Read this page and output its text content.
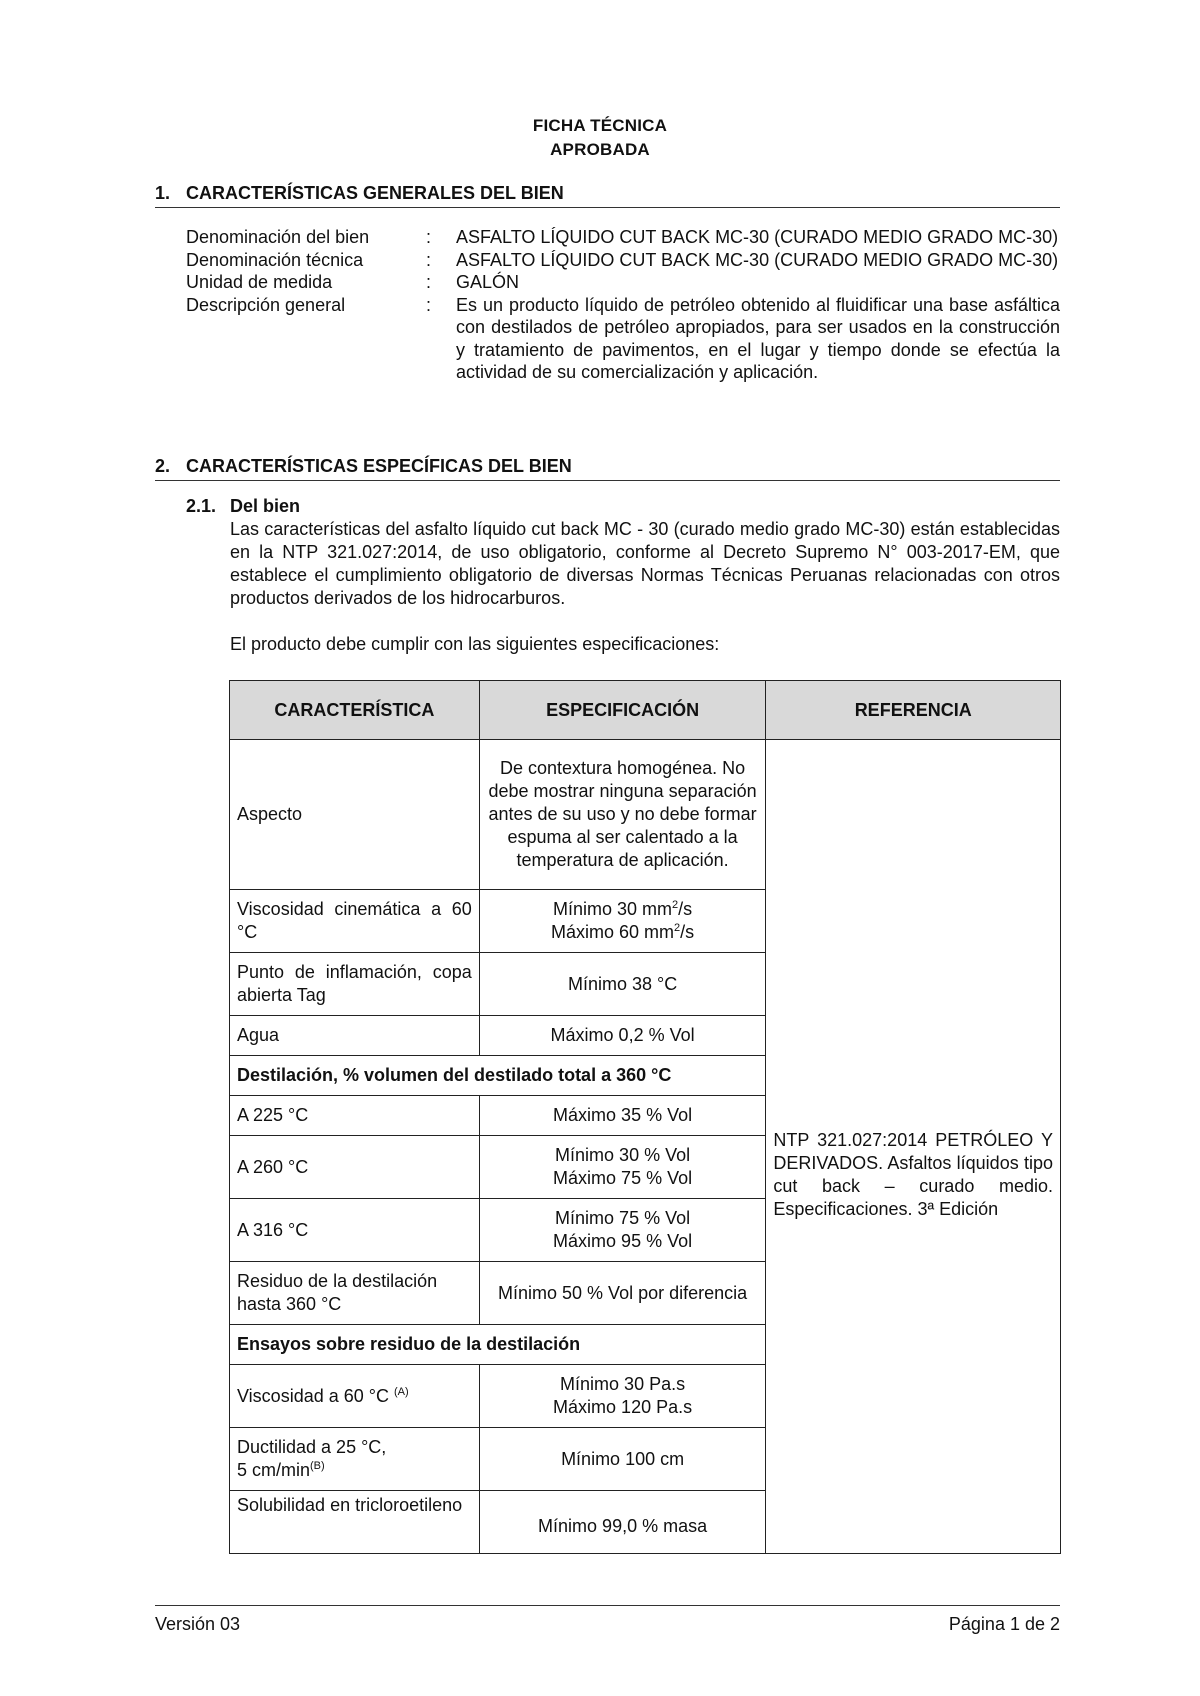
FICHA TÉCNICA
APROBADA
1. CARACTERÍSTICAS GENERALES DEL BIEN
Denominación del bien	:	ASFALTO LÍQUIDO CUT BACK MC-30 (CURADO MEDIO GRADO MC-30)
Denominación técnica	:	ASFALTO LÍQUIDO CUT BACK MC-30 (CURADO MEDIO GRADO MC-30)
Unidad de medida	:	GALÓN
Descripción general	:	Es un producto líquido de petróleo obtenido al fluidificar una base asfáltica con destilados de petróleo apropiados, para ser usados en la construcción y tratamiento de pavimentos, en el lugar y tiempo donde se efectúa la actividad de su comercialización y aplicación.
2. CARACTERÍSTICAS ESPECÍFICAS DEL BIEN
2.1. Del bien

Las características del asfalto líquido cut back MC - 30 (curado medio grado MC-30) están establecidas en la NTP 321.027:2014, de uso obligatorio, conforme al Decreto Supremo N° 003-2017-EM, que establece el cumplimiento obligatorio de diversas Normas Técnicas Peruanas relacionadas con otros productos derivados de los hidrocarburos.

El producto debe cumplir con las siguientes especificaciones:

CARACTERÍSTICA	ESPECIFICACIÓN	REFERENCIA
Aspecto	De contextura homogénea. No debe mostrar ninguna separación antes de su uso y no debe formar espuma al ser calentado a la temperatura de aplicación.	NTP 321.027:2014 PETRÓLEO Y DERIVADOS. Asfaltos líquidos tipo cut back – curado medio. Especificaciones. 3ª Edición
Viscosidad cinemática a 60 °C	Mínimo 30 $mm^2/s$
Máximo 60 $mm^2/s$	

Punto de inflamación, copa abierta Tag	Mínimo 38 °C	
Agua	Máximo 0,2 % Vol	
Destilación, % volumen del destilado total a 360 °C		
A 225 °C	Máximo 35 % Vol	
A 260 °C	Mínimo 30 % Vol
Máximo 75 % Vol	

A 316 °C	Mínimo 75 % Vol
Máximo 95 % Vol	

Residuo de la destilación hasta 360 °C	Mínimo 50 % Vol por diferencia	
Ensayos sobre residuo de la destilación		
Viscosidad a 60 °C $^{(A)}$	Mínimo 30 Pa.s
Máximo 120 Pa.s	

Ductilidad a 25 °C,
5 $cm/\min^{(B)}$	Mínimo 100 cm	
Solubilidad en tricloroetileno	Mínimo 99,0 % masa	
Versión 03	Página 1 de 2
